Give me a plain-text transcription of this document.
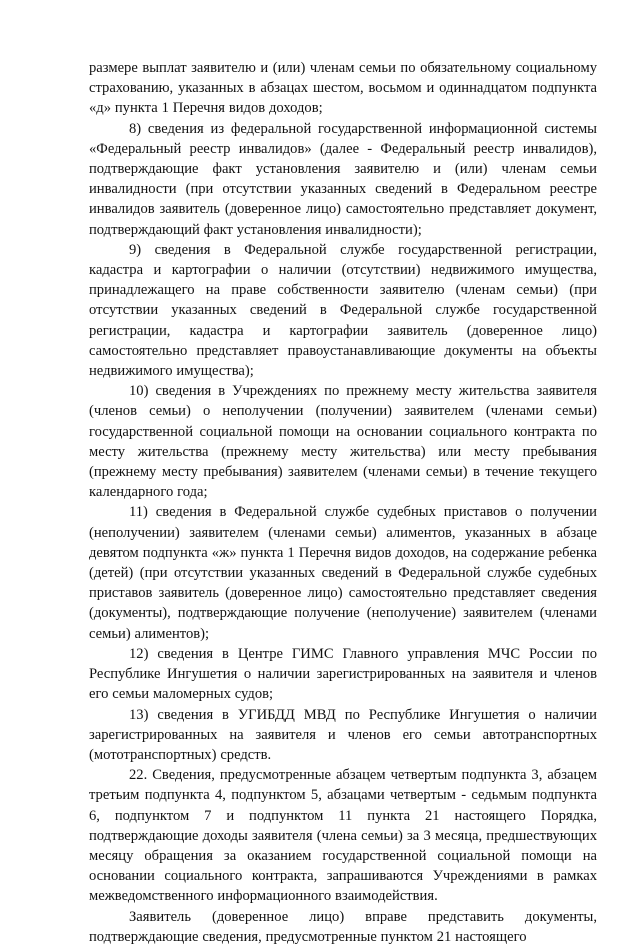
размере выплат заявителю и (или) членам семьи по обязательному социальному страхованию, указанных в абзацах шестом, восьмом и одиннадцатом подпункта «д» пункта 1 Перечня видов доходов;

8) сведения из федеральной государственной информационной системы «Федеральный реестр инвалидов» (далее - Федеральный реестр инвалидов), подтверждающие факт установления заявителю и (или) членам семьи инвалидности (при отсутствии указанных сведений в Федеральном реестре инвалидов заявитель (доверенное лицо) самостоятельно представляет документ, подтверждающий факт установления инвалидности);

9) сведения в Федеральной службе государственной регистрации, кадастра и картографии о наличии (отсутствии) недвижимого имущества, принадлежащего на праве собственности заявителю (членам семьи) (при отсутствии указанных сведений в Федеральной службе государственной регистрации, кадастра и картографии заявитель (доверенное лицо) самостоятельно представляет правоустанавливающие документы на объекты недвижимого имущества);

10) сведения в Учреждениях по прежнему месту жительства заявителя (членов семьи) о неполучении (получении) заявителем (членами семьи) государственной социальной помощи на основании социального контракта по месту жительства (прежнему месту жительства) или месту пребывания (прежнему месту пребывания) заявителем (членами семьи) в течение текущего календарного года;

11) сведения в Федеральной службе судебных приставов о получении (неполучении) заявителем (членами семьи) алиментов, указанных в абзаце девятом подпункта «ж» пункта 1 Перечня видов доходов, на содержание ребенка (детей) (при отсутствии указанных сведений в Федеральной службе судебных приставов заявитель (доверенное лицо) самостоятельно представляет сведения (документы), подтверждающие получение (неполучение) заявителем (членами семьи) алиментов);

12) сведения в Центре ГИМС Главного управления МЧС России по Республике Ингушетия о наличии зарегистрированных на заявителя и членов его семьи маломерных судов;

13) сведения в УГИБДД МВД по Республике Ингушетия о наличии зарегистрированных на заявителя и членов его семьи автотранспортных (мототранспортных) средств.

22. Сведения, предусмотренные абзацем четвертым подпункта 3, абзацем третьим подпункта 4, подпунктом 5, абзацами четвертым - седьмым подпункта 6, подпунктом 7 и подпунктом 11 пункта 21 настоящего Порядка, подтверждающие доходы заявителя (члена семьи) за 3 месяца, предшествующих месяцу обращения за оказанием государственной социальной помощи на основании социального контракта, запрашиваются Учреждениями в рамках межведомственного информационного взаимодействия.

Заявитель (доверенное лицо) вправе представить документы, подтверждающие сведения, предусмотренные пунктом 21 настоящего
